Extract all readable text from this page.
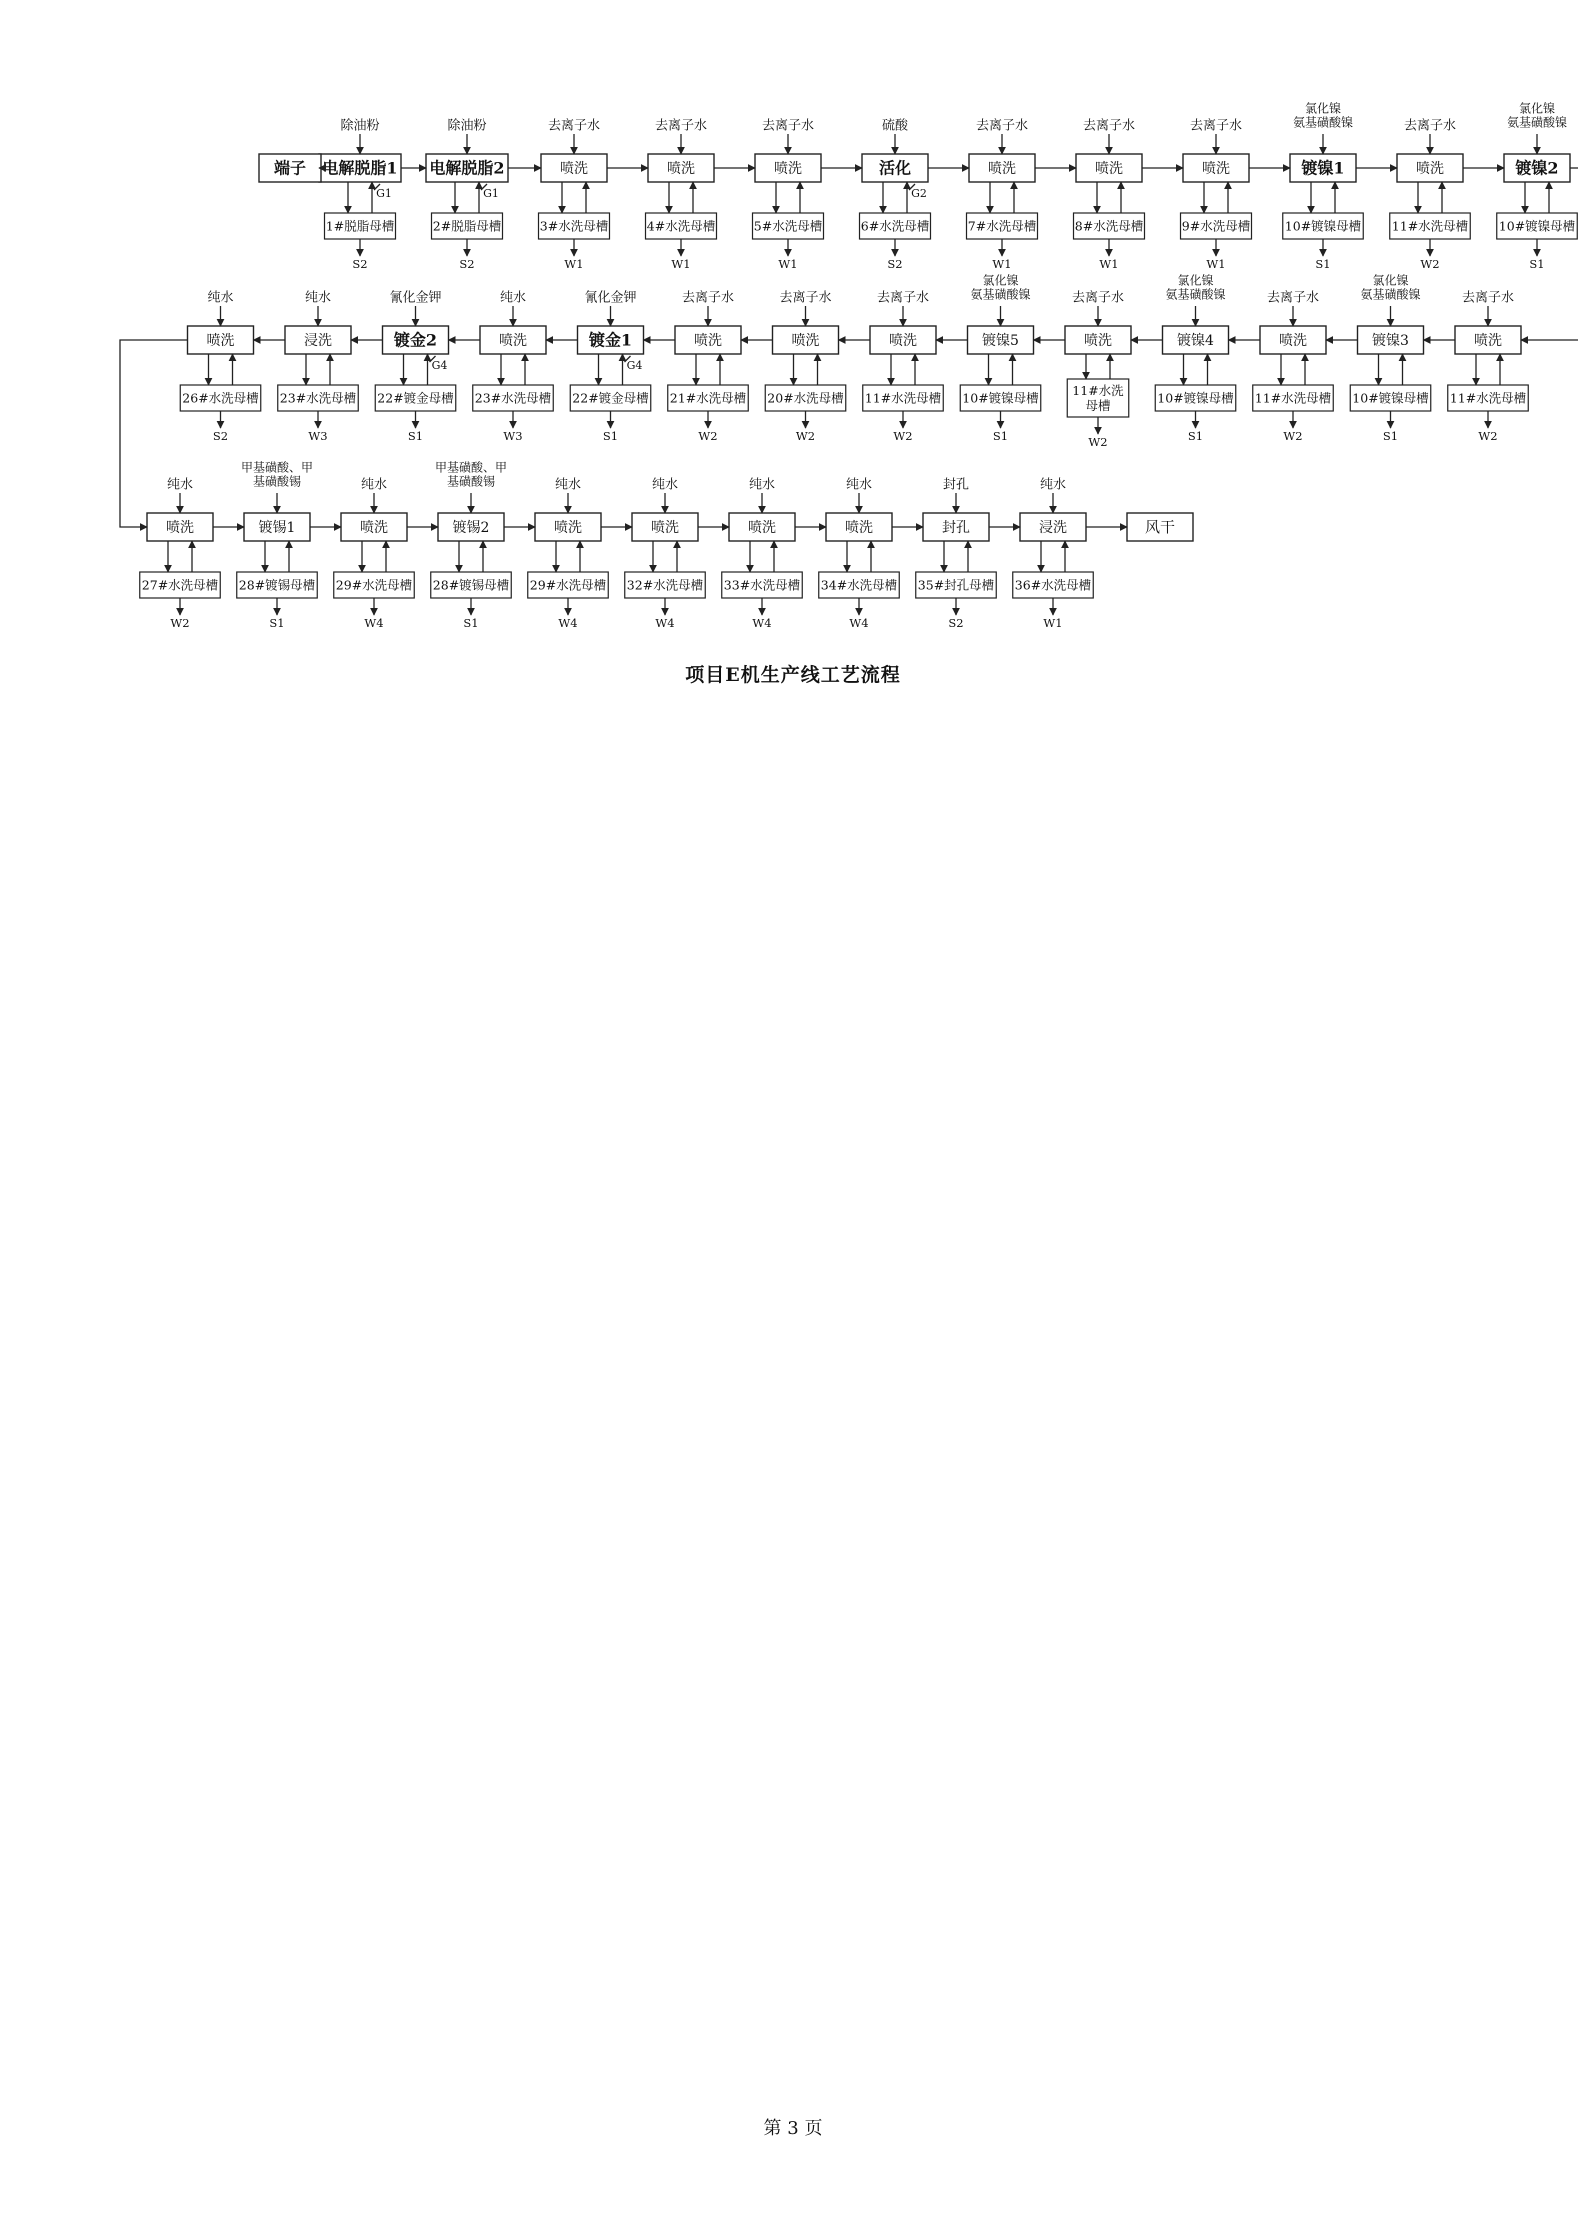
电解脱脂1
除油粉
1#脱脂母槽
S2
G1
电解脱脂2
除油粉
2#脱脂母槽
S2
G1
喷洗
去离子水
3#水洗母槽
W1
喷洗
去离子水
4#水洗母槽
W1
喷洗
去离子水
5#水洗母槽
W1
活化
硫酸
6#水洗母槽
S2
G2
喷洗
去离子水
7#水洗母槽
W1
喷洗
去离子水
8#水洗母槽
W1
喷洗
去离子水
9#水洗母槽
W1
镀镍1
氯化镍氨基磺酸镍
10#镀镍母槽
S1
喷洗
去离子水
11#水洗母槽
W2
镀镍2
氯化镍氨基磺酸镍
10#镀镍母槽
S1
喷洗
去离子水
11#水洗母槽
W2
镀镍3
氯化镍氨基磺酸镍
10#镀镍母槽
S1
喷洗
去离子水
11#水洗母槽
W2
镀镍4
氯化镍氨基磺酸镍
10#镀镍母槽
S1
喷洗
去离子水
11#水洗母槽
W2
镀镍5
氯化镍氨基磺酸镍
10#镀镍母槽
S1
喷洗
去离子水
11#水洗母槽
W2
喷洗
去离子水
20#水洗母槽
W2
喷洗
去离子水
21#水洗母槽
W2
镀金1
氰化金钾
22#镀金母槽
S1
G4
喷洗
纯水
23#水洗母槽
W3
镀金2
氰化金钾
22#镀金母槽
S1
G4
浸洗
纯水
23#水洗母槽
W3
喷洗
纯水
26#水洗母槽
S2
喷洗
纯水
27#水洗母槽
W2
镀锡1
甲基磺酸、甲基磺酸锡
28#镀锡母槽
S1
喷洗
纯水
29#水洗母槽
W4
镀锡2
甲基磺酸、甲基磺酸锡
28#镀锡母槽
S1
喷洗
纯水
29#水洗母槽
W4
喷洗
纯水
32#水洗母槽
W4
喷洗
纯水
33#水洗母槽
W4
喷洗
纯水
34#水洗母槽
W4
封孔
封孔
35#封孔母槽
S2
浸洗
纯水
36#水洗母槽
W1
端子
风干
项目E机生产线工艺流程
第 3 页
